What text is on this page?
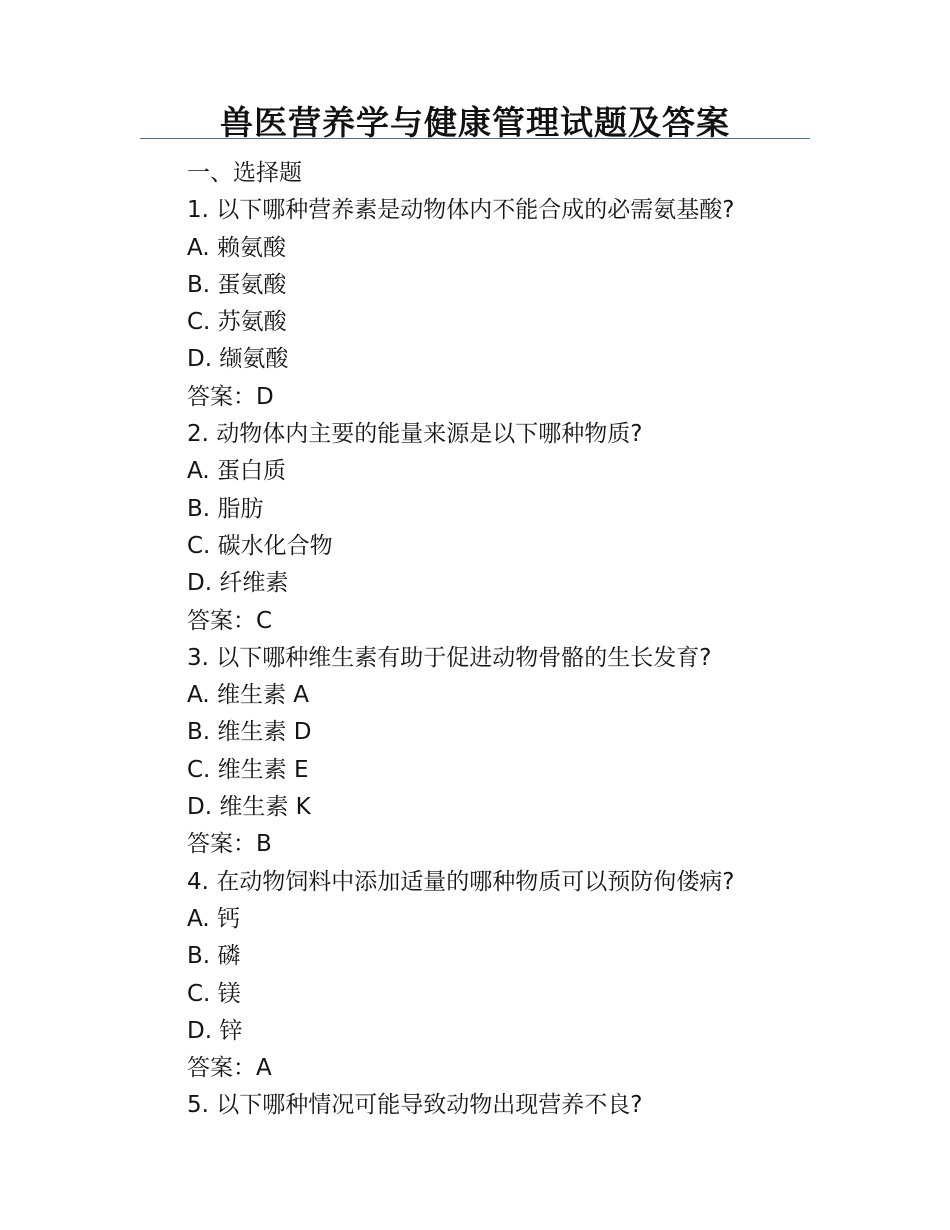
兽医营养学与健康管理试题及答案
一、选择题
1. 以下哪种营养素是动物体内不能合成的必需氨基酸?
A. 赖氨酸
B. 蛋氨酸
C. 苏氨酸
D. 缬氨酸
答案：D
2. 动物体内主要的能量来源是以下哪种物质?
A. 蛋白质
B. 脂肪
C. 碳水化合物
D. 纤维素
答案：C
3. 以下哪种维生素有助于促进动物骨骼的生长发育?
A. 维生素 A
B. 维生素 D
C. 维生素 E
D. 维生素 K
答案：B
4. 在动物饲料中添加适量的哪种物质可以预防佝偻病?
A. 钙
B. 磷
C. 镁
D. 锌
答案：A
5. 以下哪种情况可能导致动物出现营养不良?
